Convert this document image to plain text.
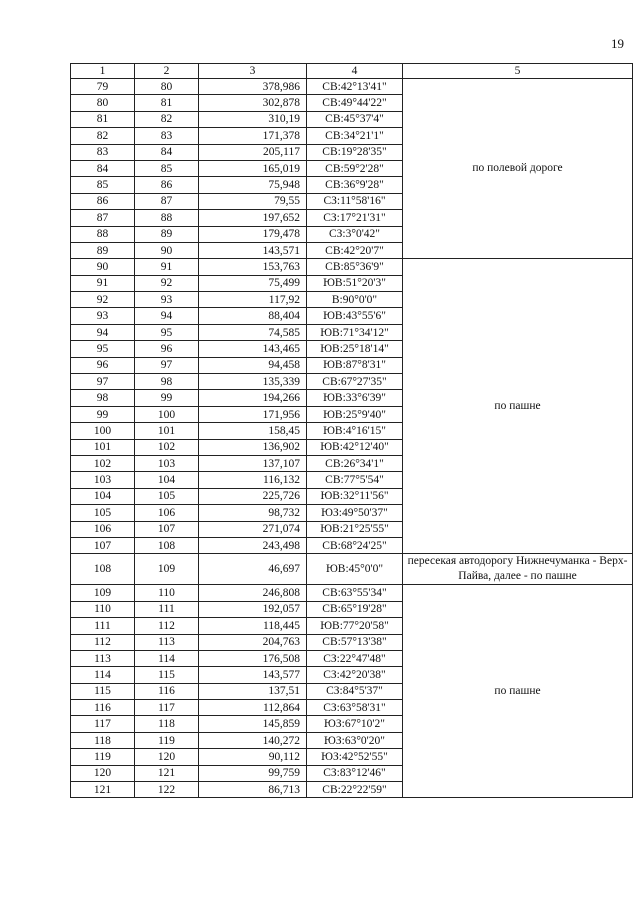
19
1	2	3	4	5
79	80	378,986	СВ:42°13'41"	по полевой дороге
80	81	302,878	СВ:49°44'22"	
81	82	310,19	СВ:45°37'4"	
82	83	171,378	СВ:34°21'1"	
83	84	205,117	СВ:19°28'35"	
84	85	165,019	СВ:59°2'28"	
85	86	75,948	СВ:36°9'28"	
86	87	79,55	СЗ:11°58'16"	
87	88	197,652	СЗ:17°21'31"	
88	89	179,478	СЗ:3°0'42"	
89	90	143,571	СВ:42°20'7"	
90	91	153,763	СВ:85°36'9"	по пашне
91	92	75,499	ЮВ:51°20'3"	
92	93	117,92	В:90°0'0"	
93	94	88,404	ЮВ:43°55'6"	
94	95	74,585	ЮВ:71°34'12"	
95	96	143,465	ЮВ:25°18'14"	
96	97	94,458	ЮВ:87°8'31"	
97	98	135,339	СВ:67°27'35"	
98	99	194,266	ЮВ:33°6'39"	
99	100	171,956	ЮВ:25°9'40"	
100	101	158,45	ЮВ:4°16'15"	
101	102	136,902	ЮВ:42°12'40"	
102	103	137,107	СВ:26°34'1"	
103	104	116,132	СВ:77°5'54"	
104	105	225,726	ЮВ:32°11'56"	
105	106	98,732	ЮЗ:49°50'37"	
106	107	271,074	ЮВ:21°25'55"	
107	108	243,498	СВ:68°24'25"	
108	109	46,697	ЮВ:45°0'0"	пересекая автодорогу Нижнечуманка - Верх-Пайва, далее - по пашне
109	110	246,808	СВ:63°55'34"	по пашне
110	111	192,057	СВ:65°19'28"	
111	112	118,445	ЮВ:77°20'58"	
112	113	204,763	СВ:57°13'38"	
113	114	176,508	СЗ:22°47'48"	
114	115	143,577	СЗ:42°20'38"	
115	116	137,51	СЗ:84°5'37"	
116	117	112,864	СЗ:63°58'31"	
117	118	145,859	ЮЗ:67°10'2"	
118	119	140,272	ЮЗ:63°0'20"	
119	120	90,112	ЮЗ:42°52'55"	
120	121	99,759	СЗ:83°12'46"	
121	122	86,713	СВ:22°22'59"	
